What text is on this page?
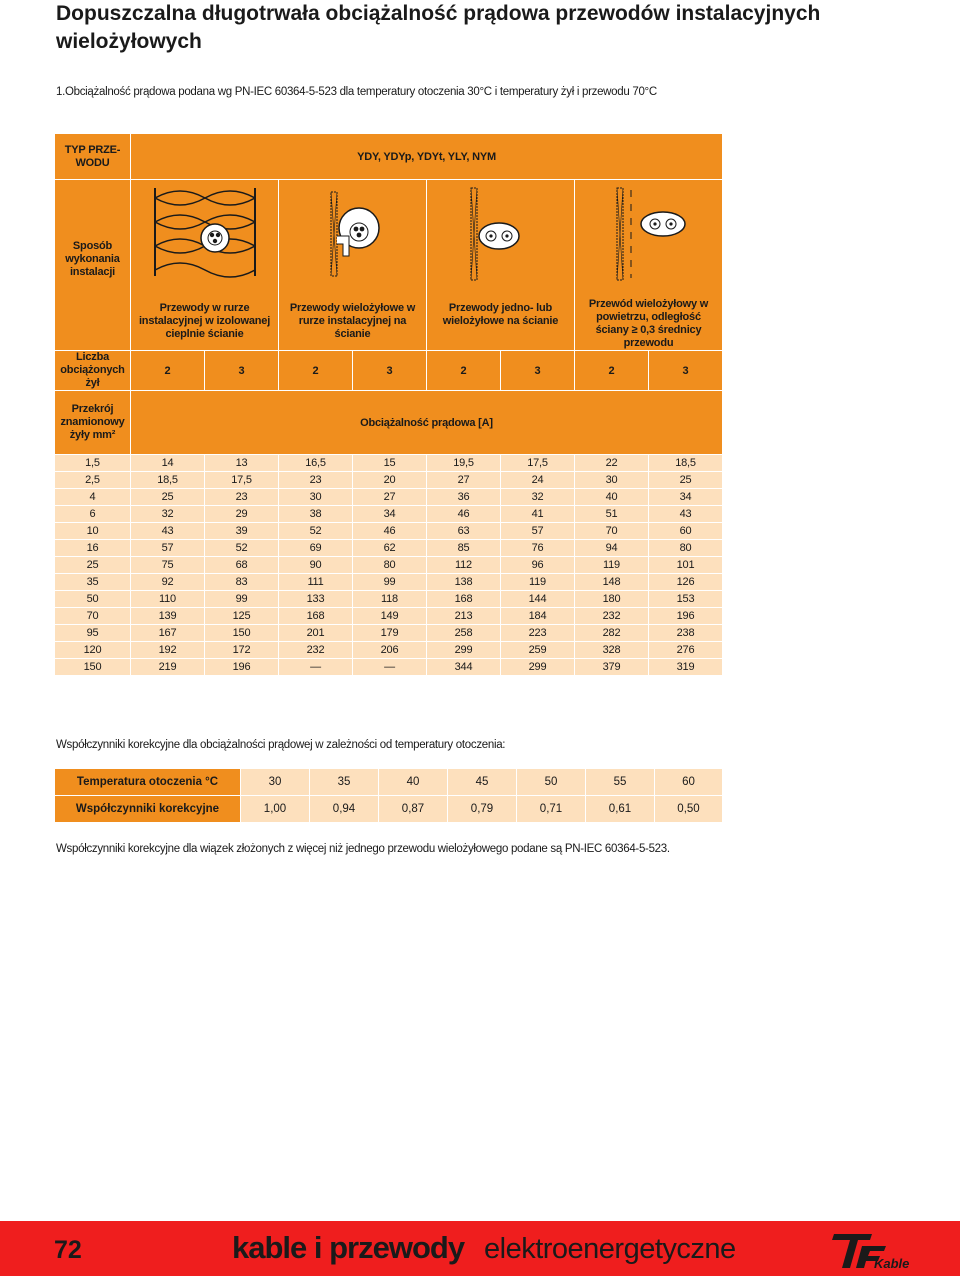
Dopuszczalna długotrwała obciążalność prądowa przewodów instalacyjnych wielożyłowych
1.Obciążalność prądowa podana wg PN-IEC 60364-5-523 dla temperatury otoczenia 30°C i temperatury żył i przewodu 70°C
TYP PRZE-WODU	YDY, YDYp, YDYt, YLY, NYM							
Sposób wykonania instalacji	Przewody w rurze instalacyjnej w izolowanej cieplnie ścianie		Przewody wielożyłowe w rurze instalacyjnej na ścianie		Przewody jedno- lub wielożyłowe na ścianie		Przewód wielożyłowy w powietrzu, odległość ściany ≥ 0,3 średnicy przewodu	

Liczba obciążonych żył	2	3	2	3	2	3	2	3
Przekrój znamionowy żyły mm²	Obciążalność prądowa [A]							
1,5	14	13	16,5	15	19,5	17,5	22	18,5
2,5	18,5	17,5	23	20	27	24	30	25
4	25	23	30	27	36	32	40	34
6	32	29	38	34	46	41	51	43
10	43	39	52	46	63	57	70	60
16	57	52	69	62	85	76	94	80
25	75	68	90	80	112	96	119	101
35	92	83	111	99	138	119	148	126
50	110	99	133	118	168	144	180	153
70	139	125	168	149	213	184	232	196
95	167	150	201	179	258	223	282	238
120	192	172	232	206	299	259	328	276
150	219	196	—	—	344	299	379	319
Współczynniki korekcyjne dla obciążalności prądowej w zależności od temperatury otoczenia:
Temperatura otoczenia °C	30	35	40	45	50	55	60
Współczynniki korekcyjne	1,00	0,94	0,87	0,79	0,71	0,61	0,50
Współczynniki korekcyjne dla wiązek złożonych z więcej niż jednego przewodu wielożyłowego podane są PN-IEC 60364-5-523.
72	kable i przewody elektroenergetyczne	Kable
